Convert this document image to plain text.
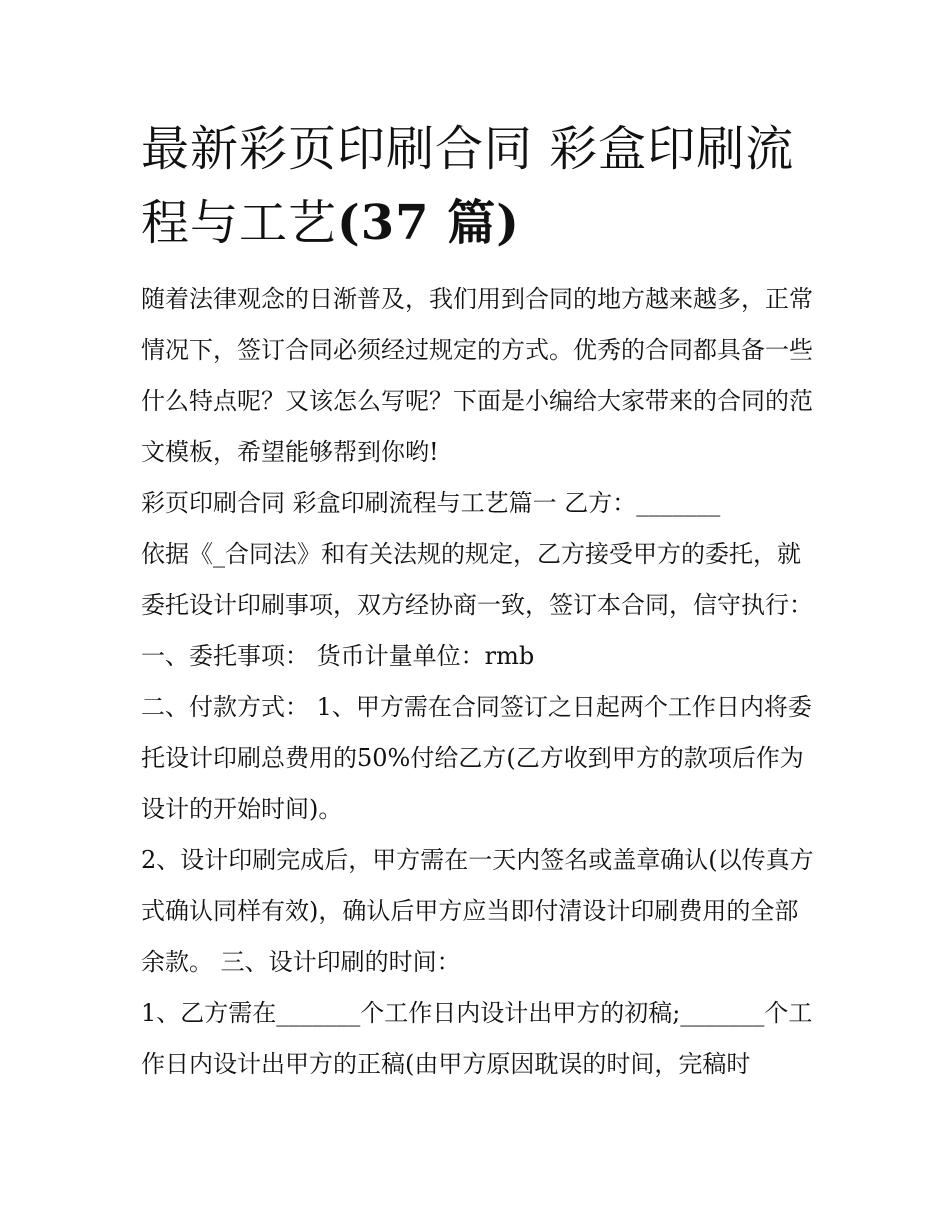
最新彩页印刷合同 彩盒印刷流程与工艺(37 篇)

随着法律观念的日渐普及，我们用到合同的地方越来越多，正常情况下，签订合同必须经过规定的方式。优秀的合同都具备一些什么特点呢？又该怎么写呢？下面是小编给大家带来的合同的范文模板，希望能够帮到你哟!

彩页印刷合同 彩盒印刷流程与工艺篇一 乙方：_______

依据《_合同法》和有关法规的规定，乙方接受甲方的委托，就委托设计印刷事项，双方经协商一致，签订本合同，信守执行： 一、委托事项： 货币计量单位：rmb

二、付款方式： 1、甲方需在合同签订之日起两个工作日内将委托设计印刷总费用的50%付给乙方(乙方收到甲方的款项后作为设计的开始时间)。

2、设计印刷完成后，甲方需在一天内签名或盖章确认(以传真方式确认同样有效)，确认后甲方应当即付清设计印刷费用的全部余款。 三、设计印刷的时间：

1、乙方需在_______个工作日内设计出甲方的初稿;_______个工作日内设计出甲方的正稿(由甲方原因耽误的时间，完稿时
